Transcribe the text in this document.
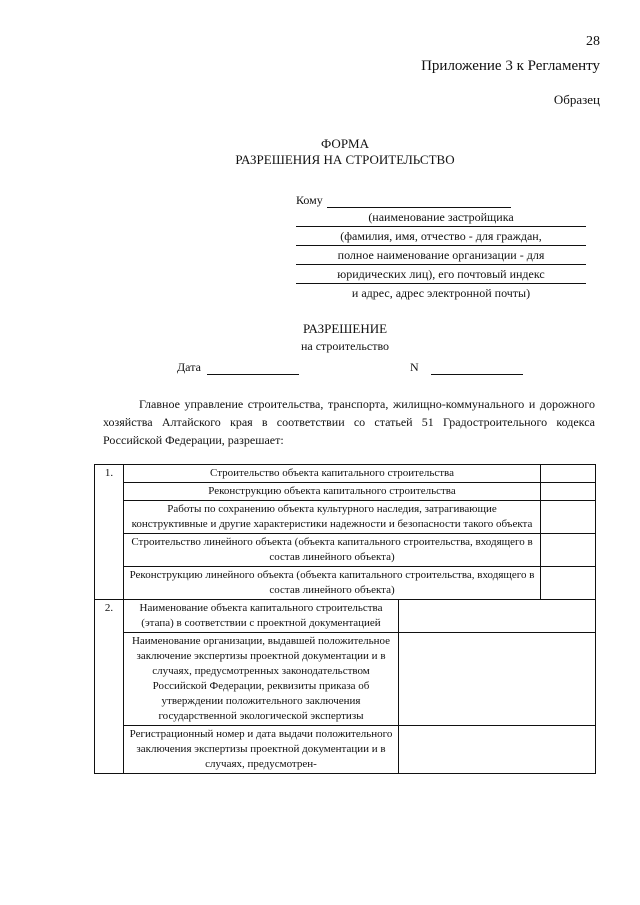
28
Приложение 3 к Регламенту
Образец
ФОРМА
РАЗРЕШЕНИЯ НА СТРОИТЕЛЬСТВО
Кому
(наименование застройщика
(фамилия, имя, отчество - для граждан,
полное наименование организации - для
юридических лиц), его почтовый индекс
и адрес, адрес электронной почты)
РАЗРЕШЕНИЕ
на строительство
Дата	N
Главное управление строительства, транспорта, жилищно-коммунального и дорожного хозяйства Алтайского края в соответствии со статьей 51 Градостроительного кодекса Российской Федерации, разрешает:
1.	Строительство объекта капитального строительства		
	Реконструкцию объекта капитального строительства		
	Работы по сохранению объекта культурного наследия, затрагивающие конструктивные и другие характеристики надежности и безопасности такого объекта		
	Строительство линейного объекта (объекта капитального строительства, входящего в состав линейного объекта)		
	Реконструкцию линейного объекта (объекта капитального строительства, входящего в состав линейного объекта)		
2.	Наименование объекта капитального строительства (этапа) в соответствии с проектной документацией		
	Наименование организации, выдавшей положительное заключение экспертизы проектной документации и в случаях, предусмотренных законодательством Российской Федерации, реквизиты приказа об утверждении положительного заключения государственной экологической экспертизы		
	Регистрационный номер и дата выдачи положительного заключения экспертизы проектной документации и в случаях, предусмотрен-		
